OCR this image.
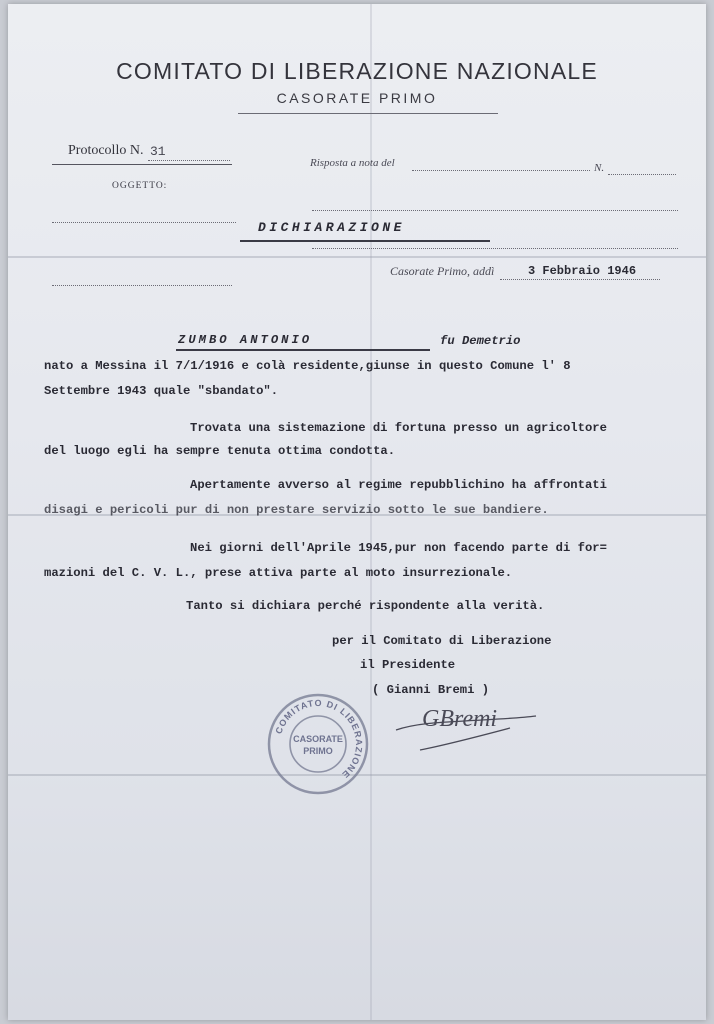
COMITATO DI LIBERAZIONE NAZIONALE
CASORATE PRIMO
Protocollo N. 31
Risposta a nota del	N.
OGGETTO:
DICHIARAZIONE
Casorate Primo, addì	3 Febbraio 1946
ZUMBO ANTONIO	fu Demetrio
nato a Messina il 7/1/1916 e colà residente,giunse in questo Comune l' 8
Settembre 1943 quale "sbandato".
Trovata una sistemazione di fortuna presso un agricoltore
del luogo egli ha sempre tenuta ottima condotta.
Apertamente avverso al regime repubblichino ha affrontati
disagi e pericoli pur di non prestare servizio sotto le sue bandiere.
Nei giorni dell'Aprile 1945,pur non facendo parte di for=
mazioni del C. V. L., prese attiva parte al moto insurrezionale.
Tanto si dichiara perché rispondente alla verità.
per il Comitato di Liberazione
il Presidente
( Gianni Bremi )
COMITATO DI LIBERAZIONE
CASORATE
PRIMO
GBremi
